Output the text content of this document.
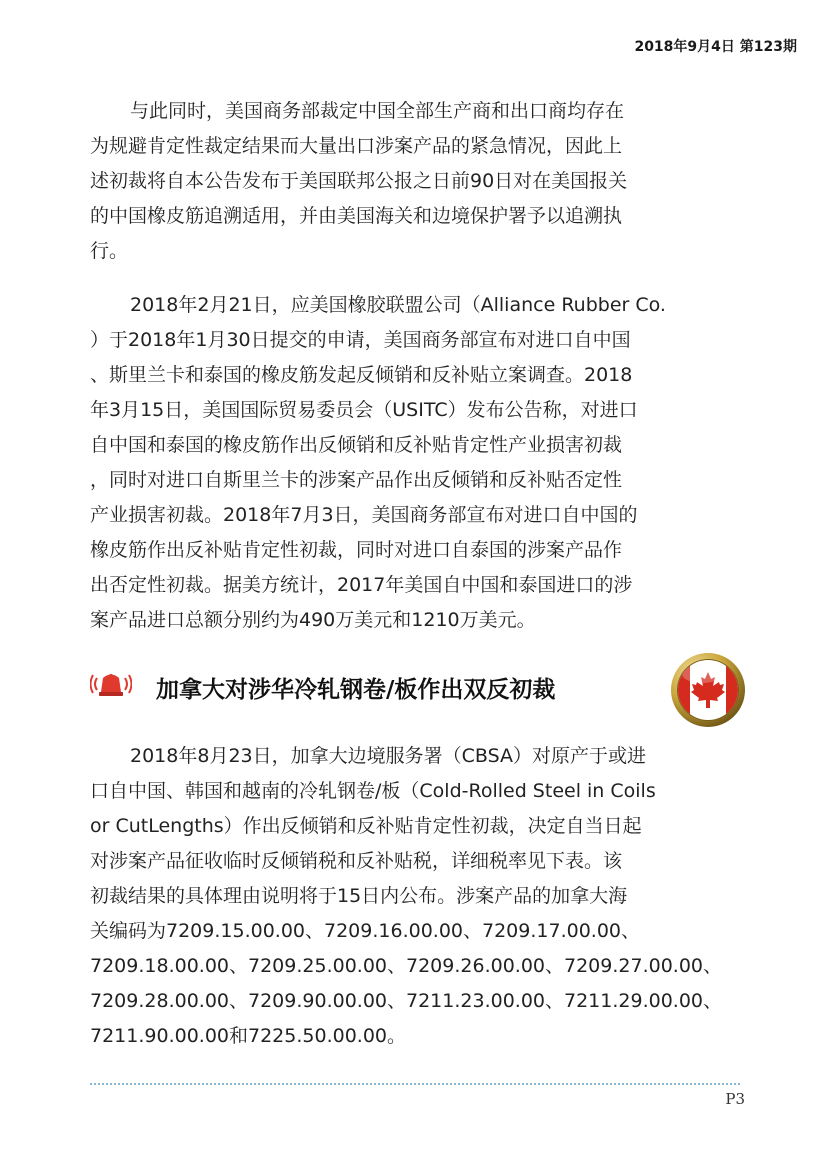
2018年9月4日 第123期
与此同时，美国商务部裁定中国全部生产商和出口商均存在
为规避肯定性裁定结果而大量出口涉案产品的紧急情况，因此上
述初裁将自本公告发布于美国联邦公报之日前90日对在美国报关
的中国橡皮筋追溯适用，并由美国海关和边境保护署予以追溯执
行。
2018年2月21日，应美国橡胶联盟公司（Alliance Rubber Co.
）于2018年1月30日提交的申请，美国商务部宣布对进口自中国
、斯里兰卡和泰国的橡皮筋发起反倾销和反补贴立案调查。2018
年3月15日，美国国际贸易委员会（USITC）发布公告称，对进口
自中国和泰国的橡皮筋作出反倾销和反补贴肯定性产业损害初裁
，同时对进口自斯里兰卡的涉案产品作出反倾销和反补贴否定性
产业损害初裁。2018年7月3日，美国商务部宣布对进口自中国的
橡皮筋作出反补贴肯定性初裁，同时对进口自泰国的涉案产品作
出否定性初裁。据美方统计，2017年美国自中国和泰国进口的涉
案产品进口总额分别约为490万美元和1210万美元。
加拿大对涉华冷轧钢卷/板作出双反初裁
2018年8月23日，加拿大边境服务署（CBSA）对原产于或进
口自中国、韩国和越南的冷轧钢卷/板（Cold-Rolled Steel in Coils
or CutLengths）作出反倾销和反补贴肯定性初裁，决定自当日起
对涉案产品征收临时反倾销税和反补贴税，详细税率见下表。该
初裁结果的具体理由说明将于15日内公布。涉案产品的加拿大海
关编码为7209.15.00.00、7209.16.00.00、7209.17.00.00、
7209.18.00.00、7209.25.00.00、7209.26.00.00、7209.27.00.00、
7209.28.00.00、7209.90.00.00、7211.23.00.00、7211.29.00.00、
7211.90.00.00和7225.50.00.00。
P3
